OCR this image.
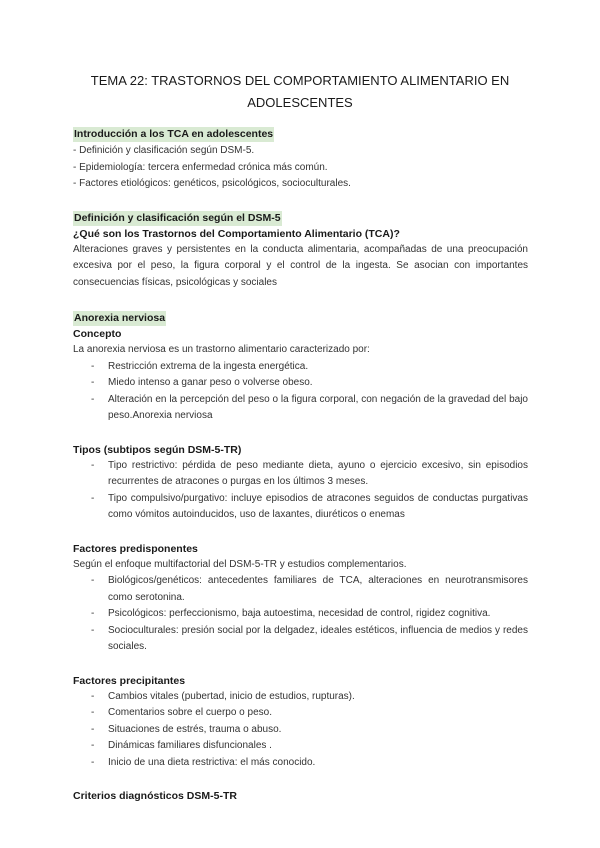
TEMA 22: TRASTORNOS DEL COMPORTAMIENTO ALIMENTARIO EN
ADOLESCENTES
Introducción a los TCA en adolescentes

- Definición y clasificación según DSM-5.

- Epidemiología: tercera enfermedad crónica más común.

- Factores etiológicos: genéticos, psicológicos, socioculturales.

Definición y clasificación según el DSM-5
¿Qué son los Trastornos del Comportamiento Alimentario (TCA)?

Alteraciones graves y persistentes en la conducta alimentaria, acompañadas de una preocupación excesiva por el peso, la figura corporal y el control de la ingesta. Se asocian con importantes consecuencias físicas, psicológicas y sociales

Anorexia nerviosa
Concepto

La anorexia nerviosa es un trastorno alimentario caracterizado por:

- Restricción extrema de la ingesta energética.
- Miedo intenso a ganar peso o volverse obeso.
- Alteración en la percepción del peso o la figura corporal, con negación de la gravedad del bajo peso.Anorexia nerviosa
Tipos (subtipos según DSM-5-TR)
- Tipo restrictivo: pérdida de peso mediante dieta, ayuno o ejercicio excesivo, sin episodios recurrentes de atracones o purgas en los últimos 3 meses.
- Tipo compulsivo/purgativo: incluye episodios de atracones seguidos de conductas purgativas como vómitos autoinducidos, uso de laxantes, diuréticos o enemas
Factores predisponentes

Según el enfoque multifactorial del DSM-5-TR y estudios complementarios.

- Biológicos/genéticos: antecedentes familiares de TCA, alteraciones en neurotransmisores como serotonina.
- Psicológicos: perfeccionismo, baja autoestima, necesidad de control, rigidez cognitiva.
- Socioculturales: presión social por la delgadez, ideales estéticos, influencia de medios y redes sociales.
Factores precipitantes
- Cambios vitales (pubertad, inicio de estudios, rupturas).
- Comentarios sobre el cuerpo o peso.
- Situaciones de estrés, trauma o abuso.
- Dinámicas familiares disfuncionales .
- Inicio de una dieta restrictiva: el más conocido.
Criterios diagnósticos DSM-5-TR
